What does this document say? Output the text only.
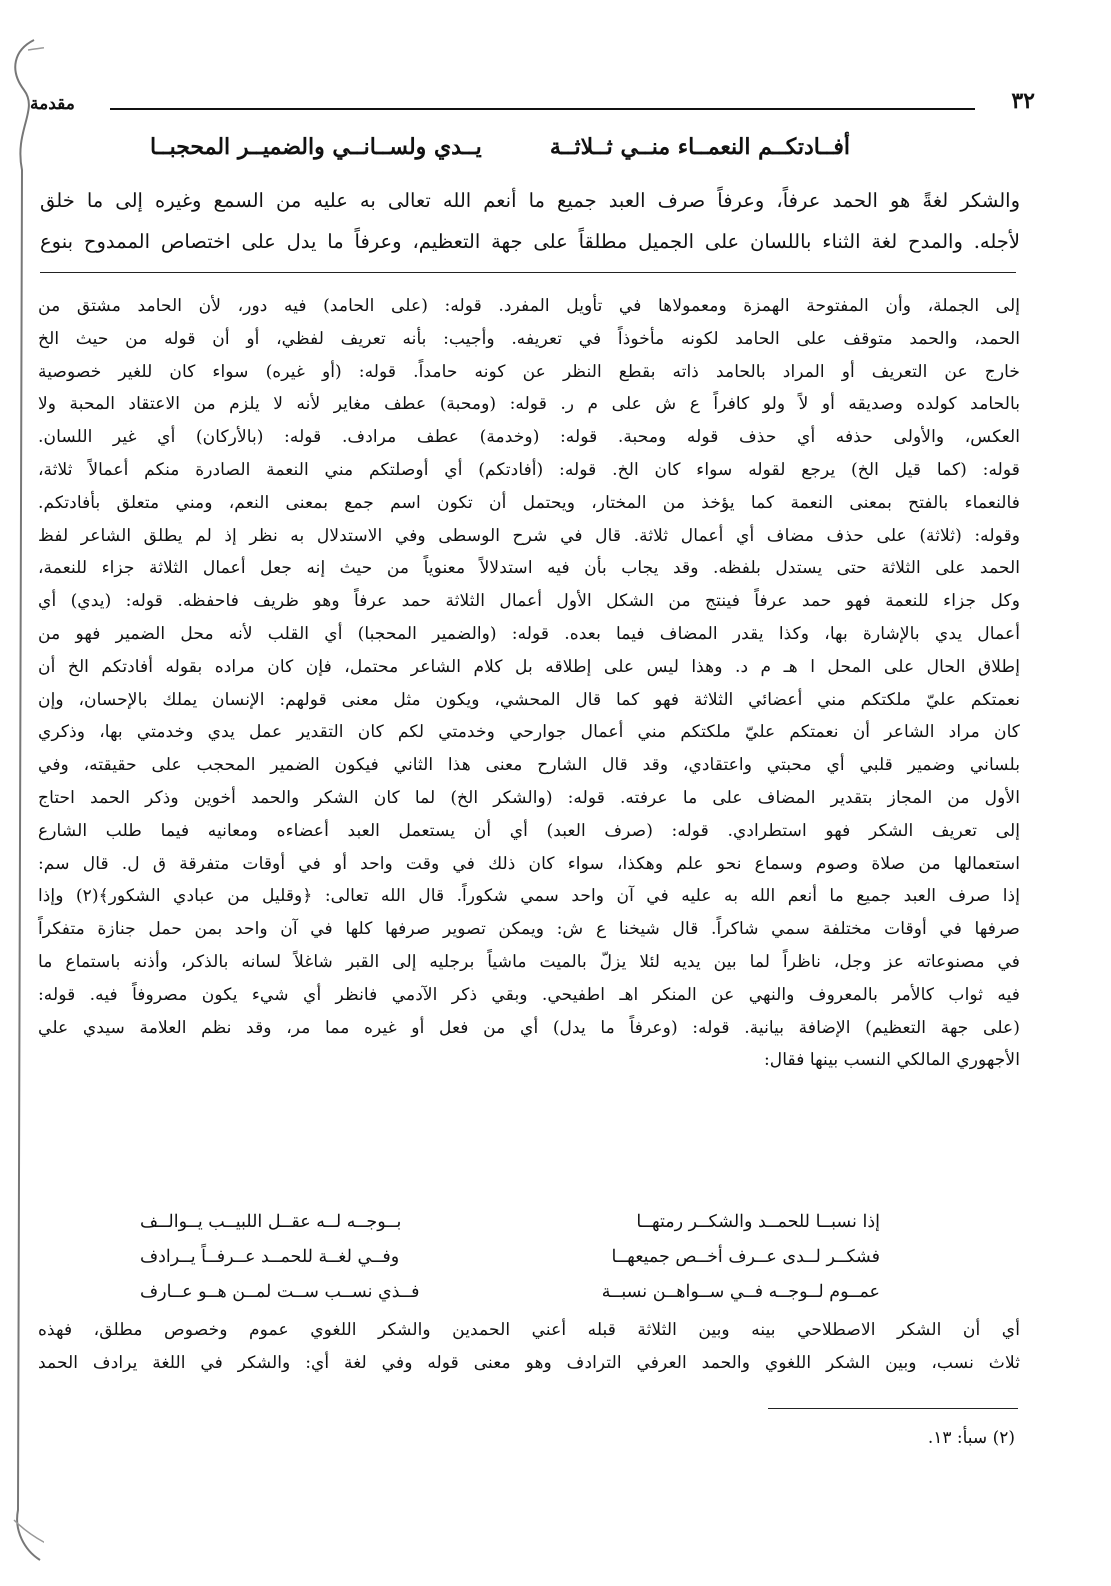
٣٢
مقدمة
أفــادتكــم النعمــاء منــي ثــلاثــة
يــدي ولســانــي والضميــر المحجبــا

والشكر لغةً هو الحمد عرفاً، وعرفاً صرف العبد جميع ما أنعم الله تعالى به عليه من السمع وغيره إلى ما خلق

لأجله. والمدح لغة الثناء باللسان على الجميل مطلقاً على جهة التعظيم، وعرفاً ما يدل على اختصاص الممدوح بنوع

إلى الجملة، وأن المفتوحة الهمزة ومعمولاها في تأويل المفرد. قوله: (على الحامد) فيه دور، لأن الحامد مشتق من

الحمد، والحمد متوقف على الحامد لكونه مأخوذاً في تعريفه. وأجيب: بأنه تعريف لفظي، أو أن قوله من حيث الخ

خارج عن التعريف أو المراد بالحامد ذاته بقطع النظر عن كونه حامداً. قوله: (أو غيره) سواء كان للغير خصوصية

بالحامد كولده وصديقه أو لاً ولو كافراً ع ش على م ر. قوله: (ومحبة) عطف مغاير لأنه لا يلزم من الاعتقاد المحبة ولا

العكس، والأولى حذفه أي حذف قوله ومحبة. قوله: (وخدمة) عطف مرادف. قوله: (بالأركان) أي غير اللسان.

قوله: (كما قيل الخ) يرجع لقوله سواء كان الخ. قوله: (أفادتكم) أي أوصلتكم مني النعمة الصادرة منكم أعمالاً ثلاثة،

فالنعماء بالفتح بمعنى النعمة كما يؤخذ من المختار، ويحتمل أن تكون اسم جمع بمعنى النعم، ومني متعلق بأفادتكم.

وقوله: (ثلاثة) على حذف مضاف أي أعمال ثلاثة. قال في شرح الوسطى وفي الاستدلال به نظر إذ لم يطلق الشاعر لفظ

الحمد على الثلاثة حتى يستدل بلفظه. وقد يجاب بأن فيه استدلالاً معنوياً من حيث إنه جعل أعمال الثلاثة جزاء للنعمة،

وكل جزاء للنعمة فهو حمد عرفاً فينتج من الشكل الأول أعمال الثلاثة حمد عرفاً وهو ظريف فاحفظه. قوله: (يدي) أي

أعمال يدي بالإشارة بها، وكذا يقدر المضاف فيما بعده. قوله: (والضمير المحجبا) أي القلب لأنه محل الضمير فهو من

إطلاق الحال على المحل ا هـ م د. وهذا ليس على إطلاقه بل كلام الشاعر محتمل، فإن كان مراده بقوله أفادتكم الخ أن

نعمتكم عليّ ملكتكم مني أعضائي الثلاثة فهو كما قال المحشي، ويكون مثل معنى قولهم: الإنسان يملك بالإحسان، وإن

كان مراد الشاعر أن نعمتكم عليّ ملكتكم مني أعمال جوارحي وخدمتي لكم كان التقدير عمل يدي وخدمتي بها، وذكري

بلساني وضمير قلبي أي محبتي واعتقادي، وقد قال الشارح معنى هذا الثاني فيكون الضمير المحجب على حقيقته، وفي

الأول من المجاز بتقدير المضاف على ما عرفته. قوله: (والشكر الخ) لما كان الشكر والحمد أخوين وذكر الحمد احتاج

إلى تعريف الشكر فهو استطرادي. قوله: (صرف العبد) أي أن يستعمل العبد أعضاءه ومعانيه فيما طلب الشارع

استعمالها من صلاة وصوم وسماع نحو علم وهكذا، سواء كان ذلك في وقت واحد أو في أوقات متفرقة ق ل. قال سم:

إذا صرف العبد جميع ما أنعم الله به عليه في آن واحد سمي شكوراً. قال الله تعالى: ﴿وقليل من عبادي الشكور﴾(٢) وإذا

صرفها في أوقات مختلفة سمي شاكراً. قال شيخنا ع ش: ويمكن تصوير صرفها كلها في آن واحد بمن حمل جنازة متفكراً

في مصنوعاته عز وجل، ناظراً لما بين يديه لئلا يزلّ بالميت ماشياً برجليه إلى القبر شاغلاً لسانه بالذكر، وأذنه باستماع ما

فيه ثواب كالأمر بالمعروف والنهي عن المنكر اهـ اطفيحي. وبقي ذكر الآدمي فانظر أي شيء يكون مصروفاً فيه. قوله:

(على جهة التعظيم) الإضافة بيانية. قوله: (وعرفاً ما يدل) أي من فعل أو غيره مما مر، وقد نظم العلامة سيدي علي

الأجهوري المالكي النسب بينها فقال:

إذا نسبــا للحمــد والشكــر رمتهــا
بــوجــه لــه عقــل اللبيــب يــوالــف
فشكــر لــدى عــرف أخــص جميعهــا
وفــي لغــة للحمــد عــرفــاً يــرادف
عمــوم لــوجــه فــي ســواهــن نسبــة
فــذي نســب ســت لمــن هــو عــارف

أي أن الشكر الاصطلاحي بينه وبين الثلاثة قبله أعني الحمدين والشكر اللغوي عموم وخصوص مطلق، فهذه

ثلاث نسب، وبين الشكر اللغوي والحمد العرفي الترادف وهو معنى قوله وفي لغة أي: والشكر في اللغة يرادف الحمد

(٢) سبأ: ١٣.
